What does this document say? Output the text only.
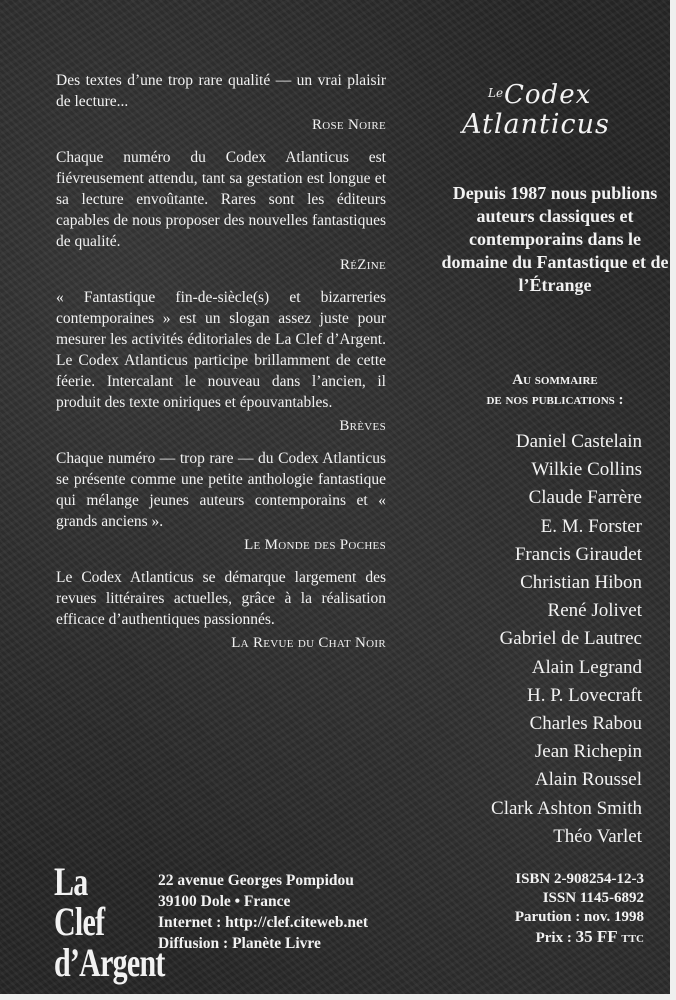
Des textes d’une trop rare qualité — un vrai plaisir de lecture...

Rose Noire

Chaque numéro du Codex Atlanticus est fiévreusement attendu, tant sa gestation est longue et sa lecture envoûtante. Rares sont les éditeurs capables de nous proposer des nouvelles fantastiques de qualité.

RéZine

« Fantastique fin-de-siècle(s) et bizarreries contemporaines » est un slogan assez juste pour mesurer les activités éditoriales de La Clef d’Argent. Le Codex Atlanticus participe brillamment de cette féerie. Intercalant le nouveau dans l’ancien, il produit des texte oniriques et épouvantables.

Brèves

Chaque numéro — trop rare — du Codex Atlanticus se présente comme une petite anthologie fantastique qui mélange jeunes auteurs contemporains et « grands anciens ».

Le Monde des Poches

Le Codex Atlanticus se démarque largement des revues littéraires actuelles, grâce à la réalisation efficace d’authentiques passionnés.

La Revue du Chat Noir
Le Codex
Atlanticus
Depuis 1987 nous publions auteurs classiques et contemporains dans le domaine du Fantastique et de l’Étrange
Au sommaire
de nos publications :
Daniel Castelain
Wilkie Collins
Claude Farrère
E. M. Forster
Francis Giraudet
Christian Hibon
René Jolivet
Gabriel de Lautrec
Alain Legrand
H. P. Lovecraft
Charles Rabou
Jean Richepin
Alain Roussel
Clark Ashton Smith
Théo Varlet
La Clef
d’Argent
22 avenue Georges Pompidou
39100 Dole • France
Internet : http://clef.citeweb.net
Diffusion : Planète Livre
ISBN 2-908254-12-3
ISSN 1145-6892
Parution : nov. 1998
Prix : 35 FF TTC
